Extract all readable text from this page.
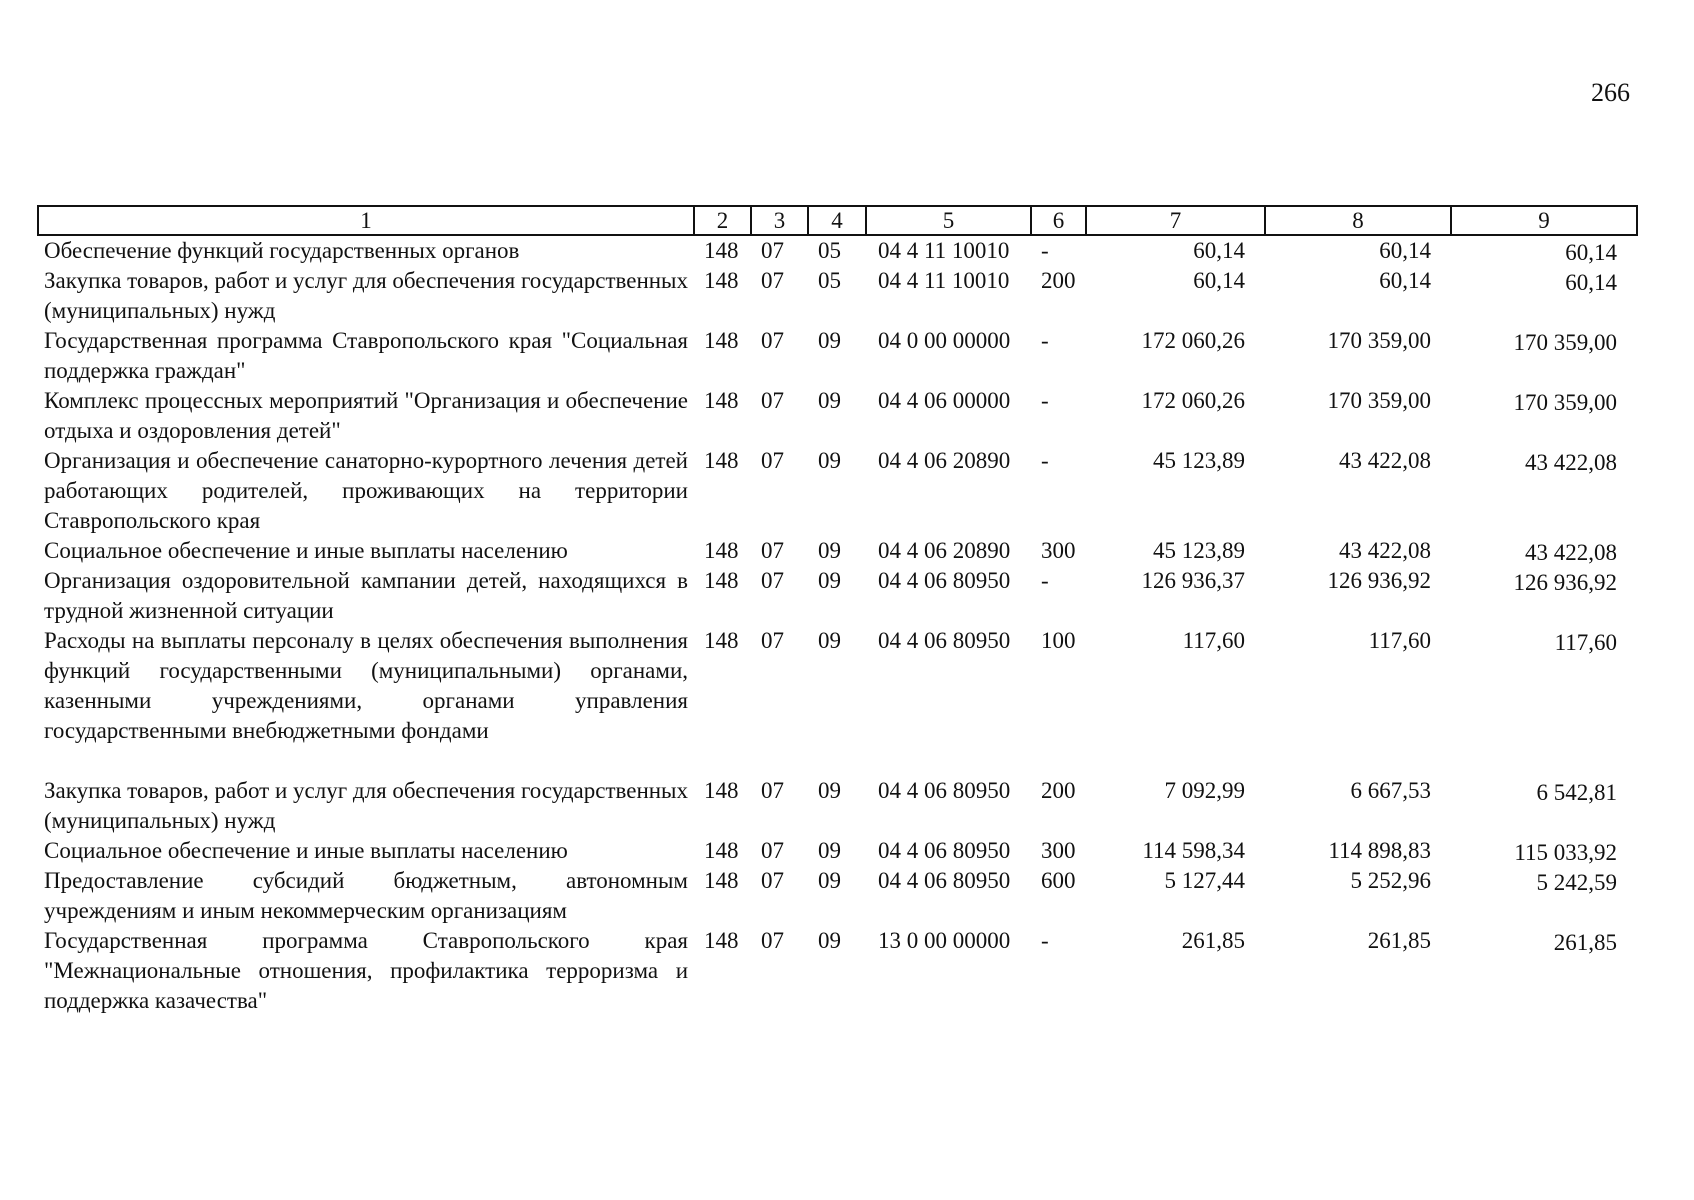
266
1	2	3	4	5	6	7	8	9
Обеспечение функций государственных органов	148	07	05	04 4 11 10010	-	60,14	60,14	60,14
Закупка товаров, работ и услуг для обеспечения государственных (муниципальных) нужд	148	07	05	04 4 11 10010	200	60,14	60,14	60,14
Государственная программа Ставропольского края "Социальная поддержка граждан"	148	07	09	04 0 00 00000	-	172 060,26	170 359,00	170 359,00
Комплекс процессных мероприятий "Организация и обеспечение отдыха и оздоровления детей"	148	07	09	04 4 06 00000	-	172 060,26	170 359,00	170 359,00
Организация и обеспечение санаторно-курортного лечения детей работающих родителей, проживающих на территории Ставропольского края	148	07	09	04 4 06 20890	-	45 123,89	43 422,08	43 422,08
Социальное обеспечение и иные выплаты населению	148	07	09	04 4 06 20890	300	45 123,89	43 422,08	43 422,08
Организация оздоровительной кампании детей, находящихся в трудной жизненной ситуации	148	07	09	04 4 06 80950	-	126 936,37	126 936,92	126 936,92
Расходы на выплаты персоналу в целях обеспечения выполнения функций государственными (муниципальными) органами, казенными учреждениями, органами управления государственными внебюджетными фондами	148	07	09	04 4 06 80950	100	117,60	117,60	117,60

Закупка товаров, работ и услуг для обеспечения государственных (муниципальных) нужд	148	07	09	04 4 06 80950	200	7 092,99	6 667,53	6 542,81
Социальное обеспечение и иные выплаты населению	148	07	09	04 4 06 80950	300	114 598,34	114 898,83	115 033,92
Предоставление субсидий бюджетным, автономным учреждениям и иным некоммерческим организациям	148	07	09	04 4 06 80950	600	5 127,44	5 252,96	5 242,59
Государственная программа Ставропольского края "Межнациональные отношения, профилактика терроризма и поддержка казачества"	148	07	09	13 0 00 00000	-	261,85	261,85	261,85
